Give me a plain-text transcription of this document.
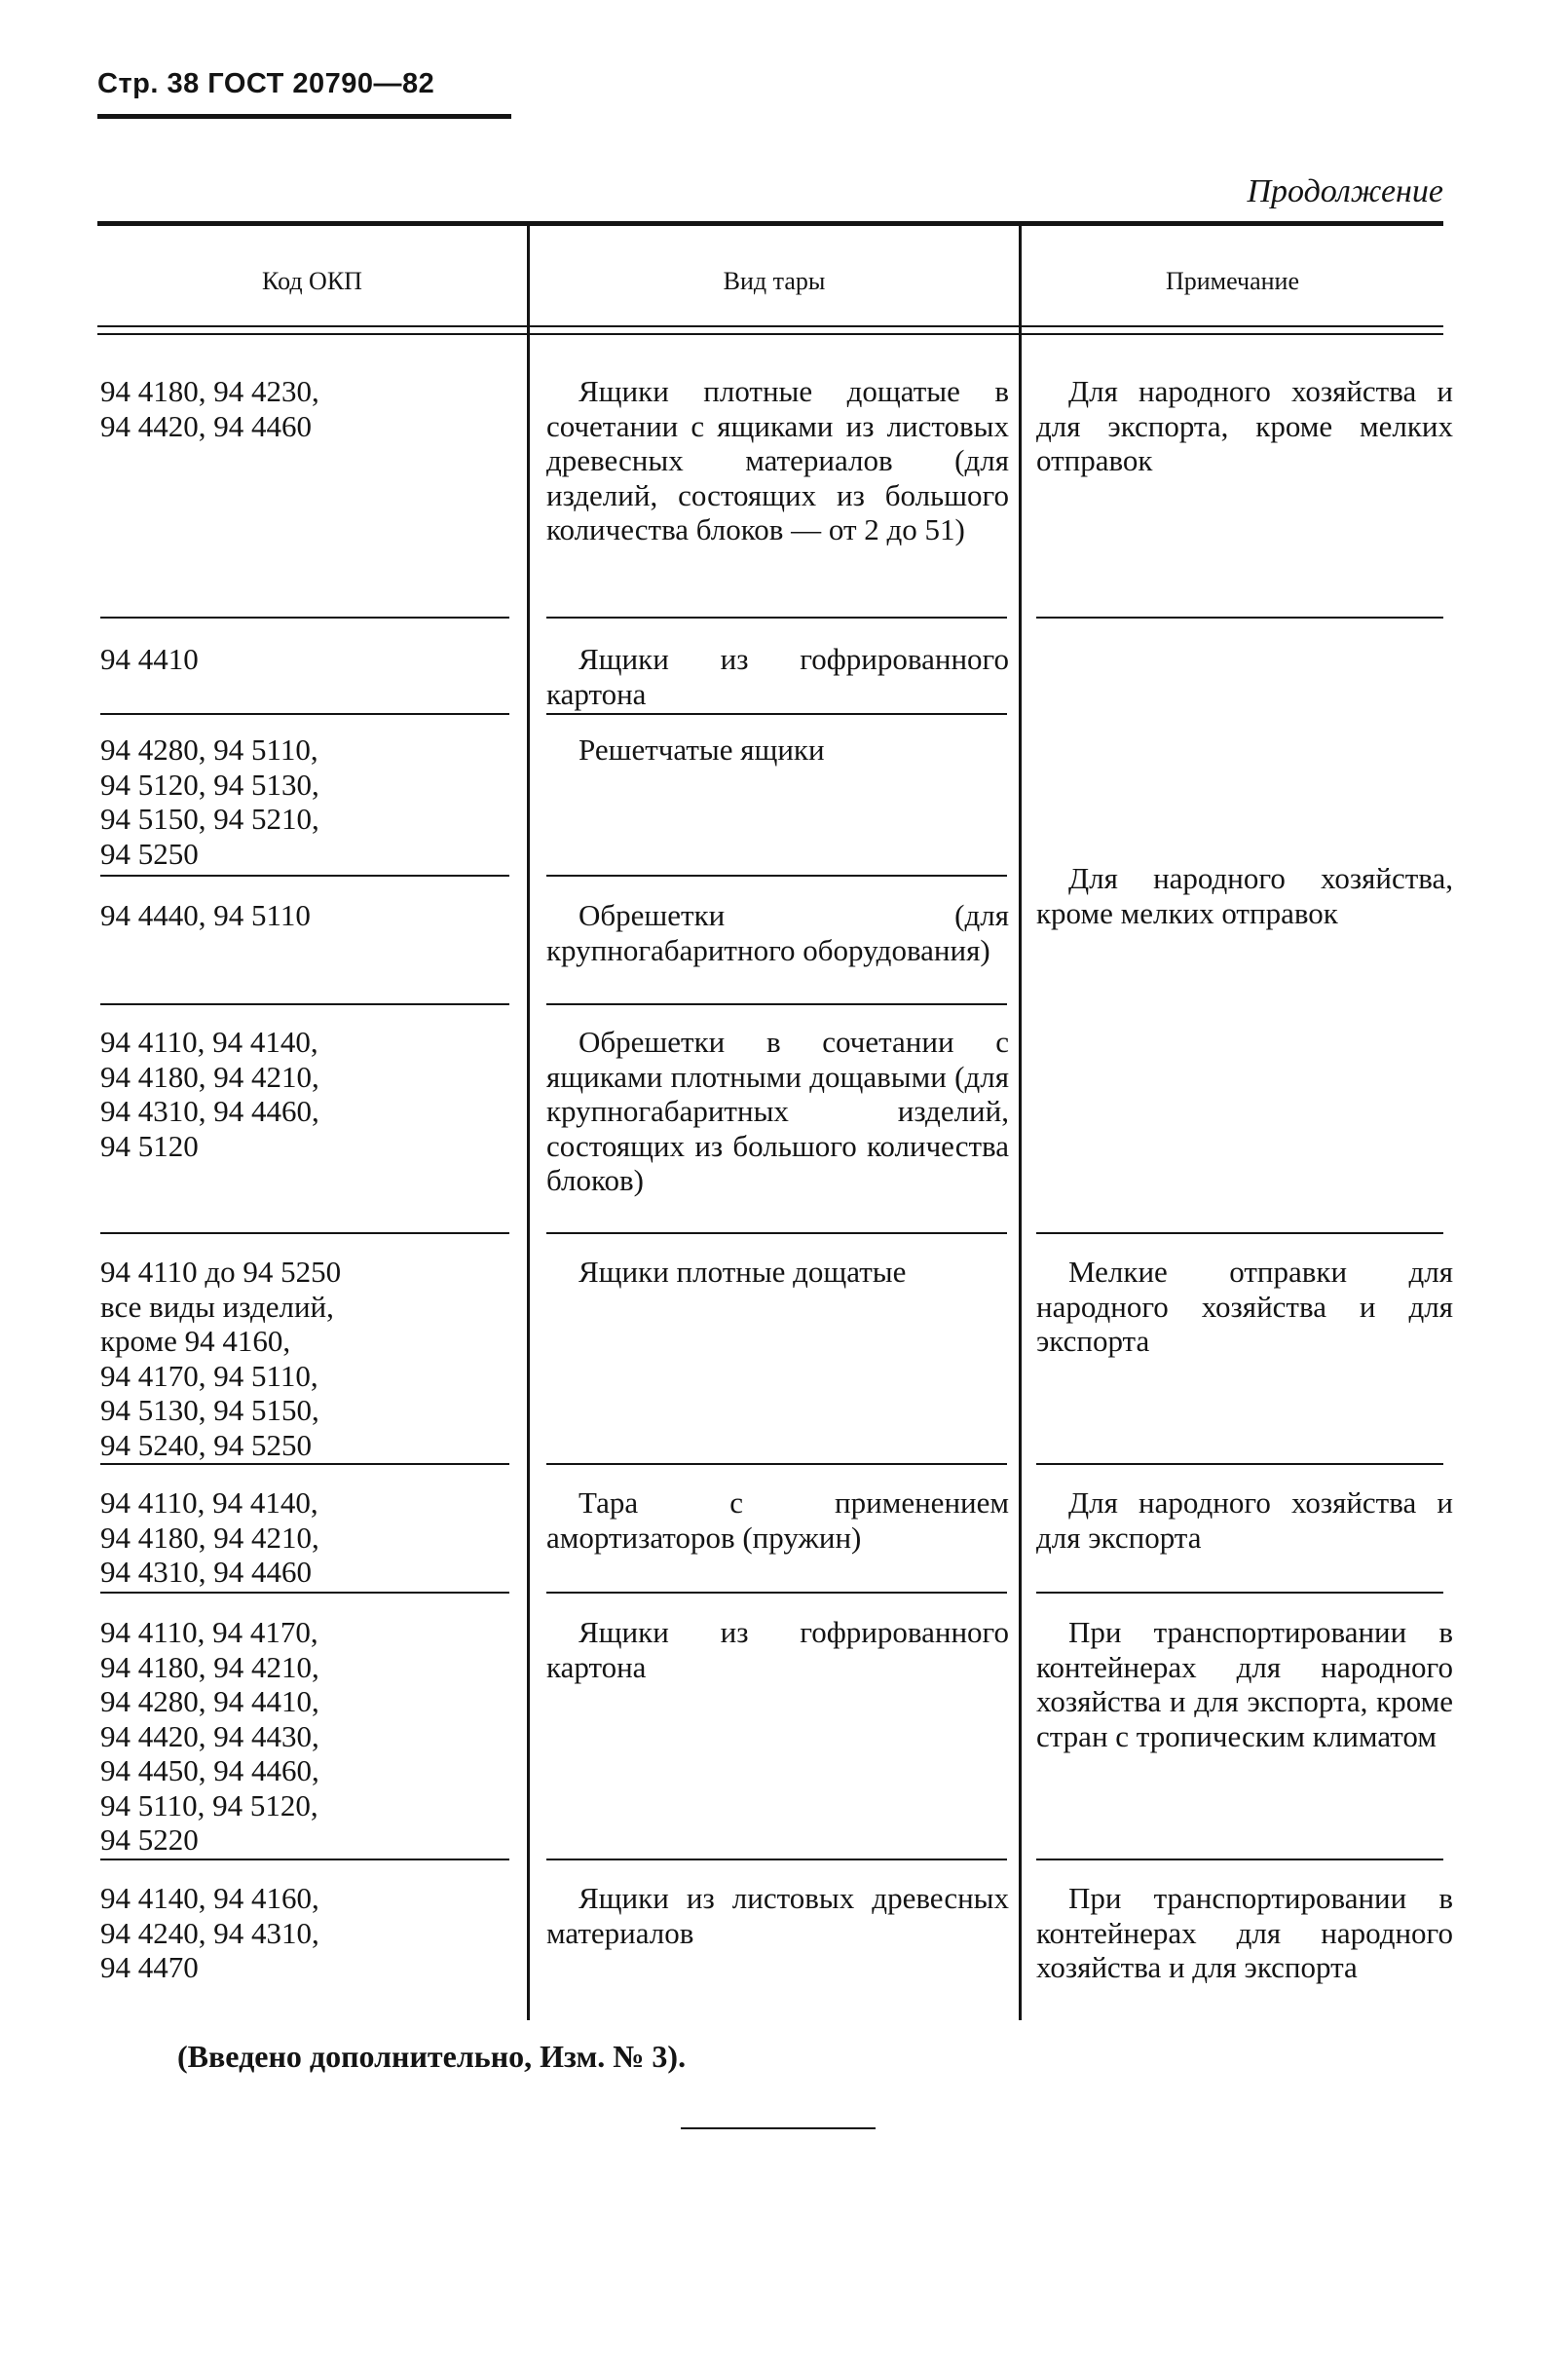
Стр. 38 ГОСТ 20790—82
Продолжение
Код ОКП	Вид тары	Примечание
94 4180, 94 4230,
94 4420, 94 4460
94 4410
94 4280, 94 5110,
94 5120, 94 5130,
94 5150, 94 5210,
94 5250
94 4440, 94 5110
94 4110, 94 4140,
94 4180, 94 4210,
94 4310, 94 4460,
94 5120
94 4110 до 94 5250
все виды изделий,
кроме 94 4160,
94 4170, 94 5110,
94 5130, 94 5150,
94 5240, 94 5250
94 4110, 94 4140,
94 4180, 94 4210,
94 4310, 94 4460
94 4110, 94 4170,
94 4180, 94 4210,
94 4280, 94 4410,
94 4420, 94 4430,
94 4450, 94 4460,
94 5110, 94 5120,
94 5220
94 4140, 94 4160,
94 4240, 94 4310,
94 4470
Ящики плотные дощатые в сочетании с ящиками из листовых древесных материалов (для изделий, состоящих из большого количества блоков — от 2 до 51)
Ящики из гофрированного картона
Решетчатые ящики
Обрешетки (для крупногабаритного оборудования)
Обрешетки в сочетании с ящиками плотными дощавыми (для крупногабаритных изделий, состоящих из большого количества блоков)
Ящики плотные дощатые
Тара с применением амортизаторов (пружин)
Ящики из гофрированного картона
Ящики из листовых древесных материалов
Для народного хозяйства и для экспорта, кроме мелких отправок
Для народного хозяйства, кроме мелких отправок
Мелкие отправки для народного хозяйства и для экспорта
Для народного хозяйства и для экспорта
При транспортировании в контейнерах для народного хозяйства и для экспорта, кроме стран с тропическим климатом
При транспортировании в контейнерах для народного хозяйства и для экспорта
(Введено дополнительно, Изм. № 3).
